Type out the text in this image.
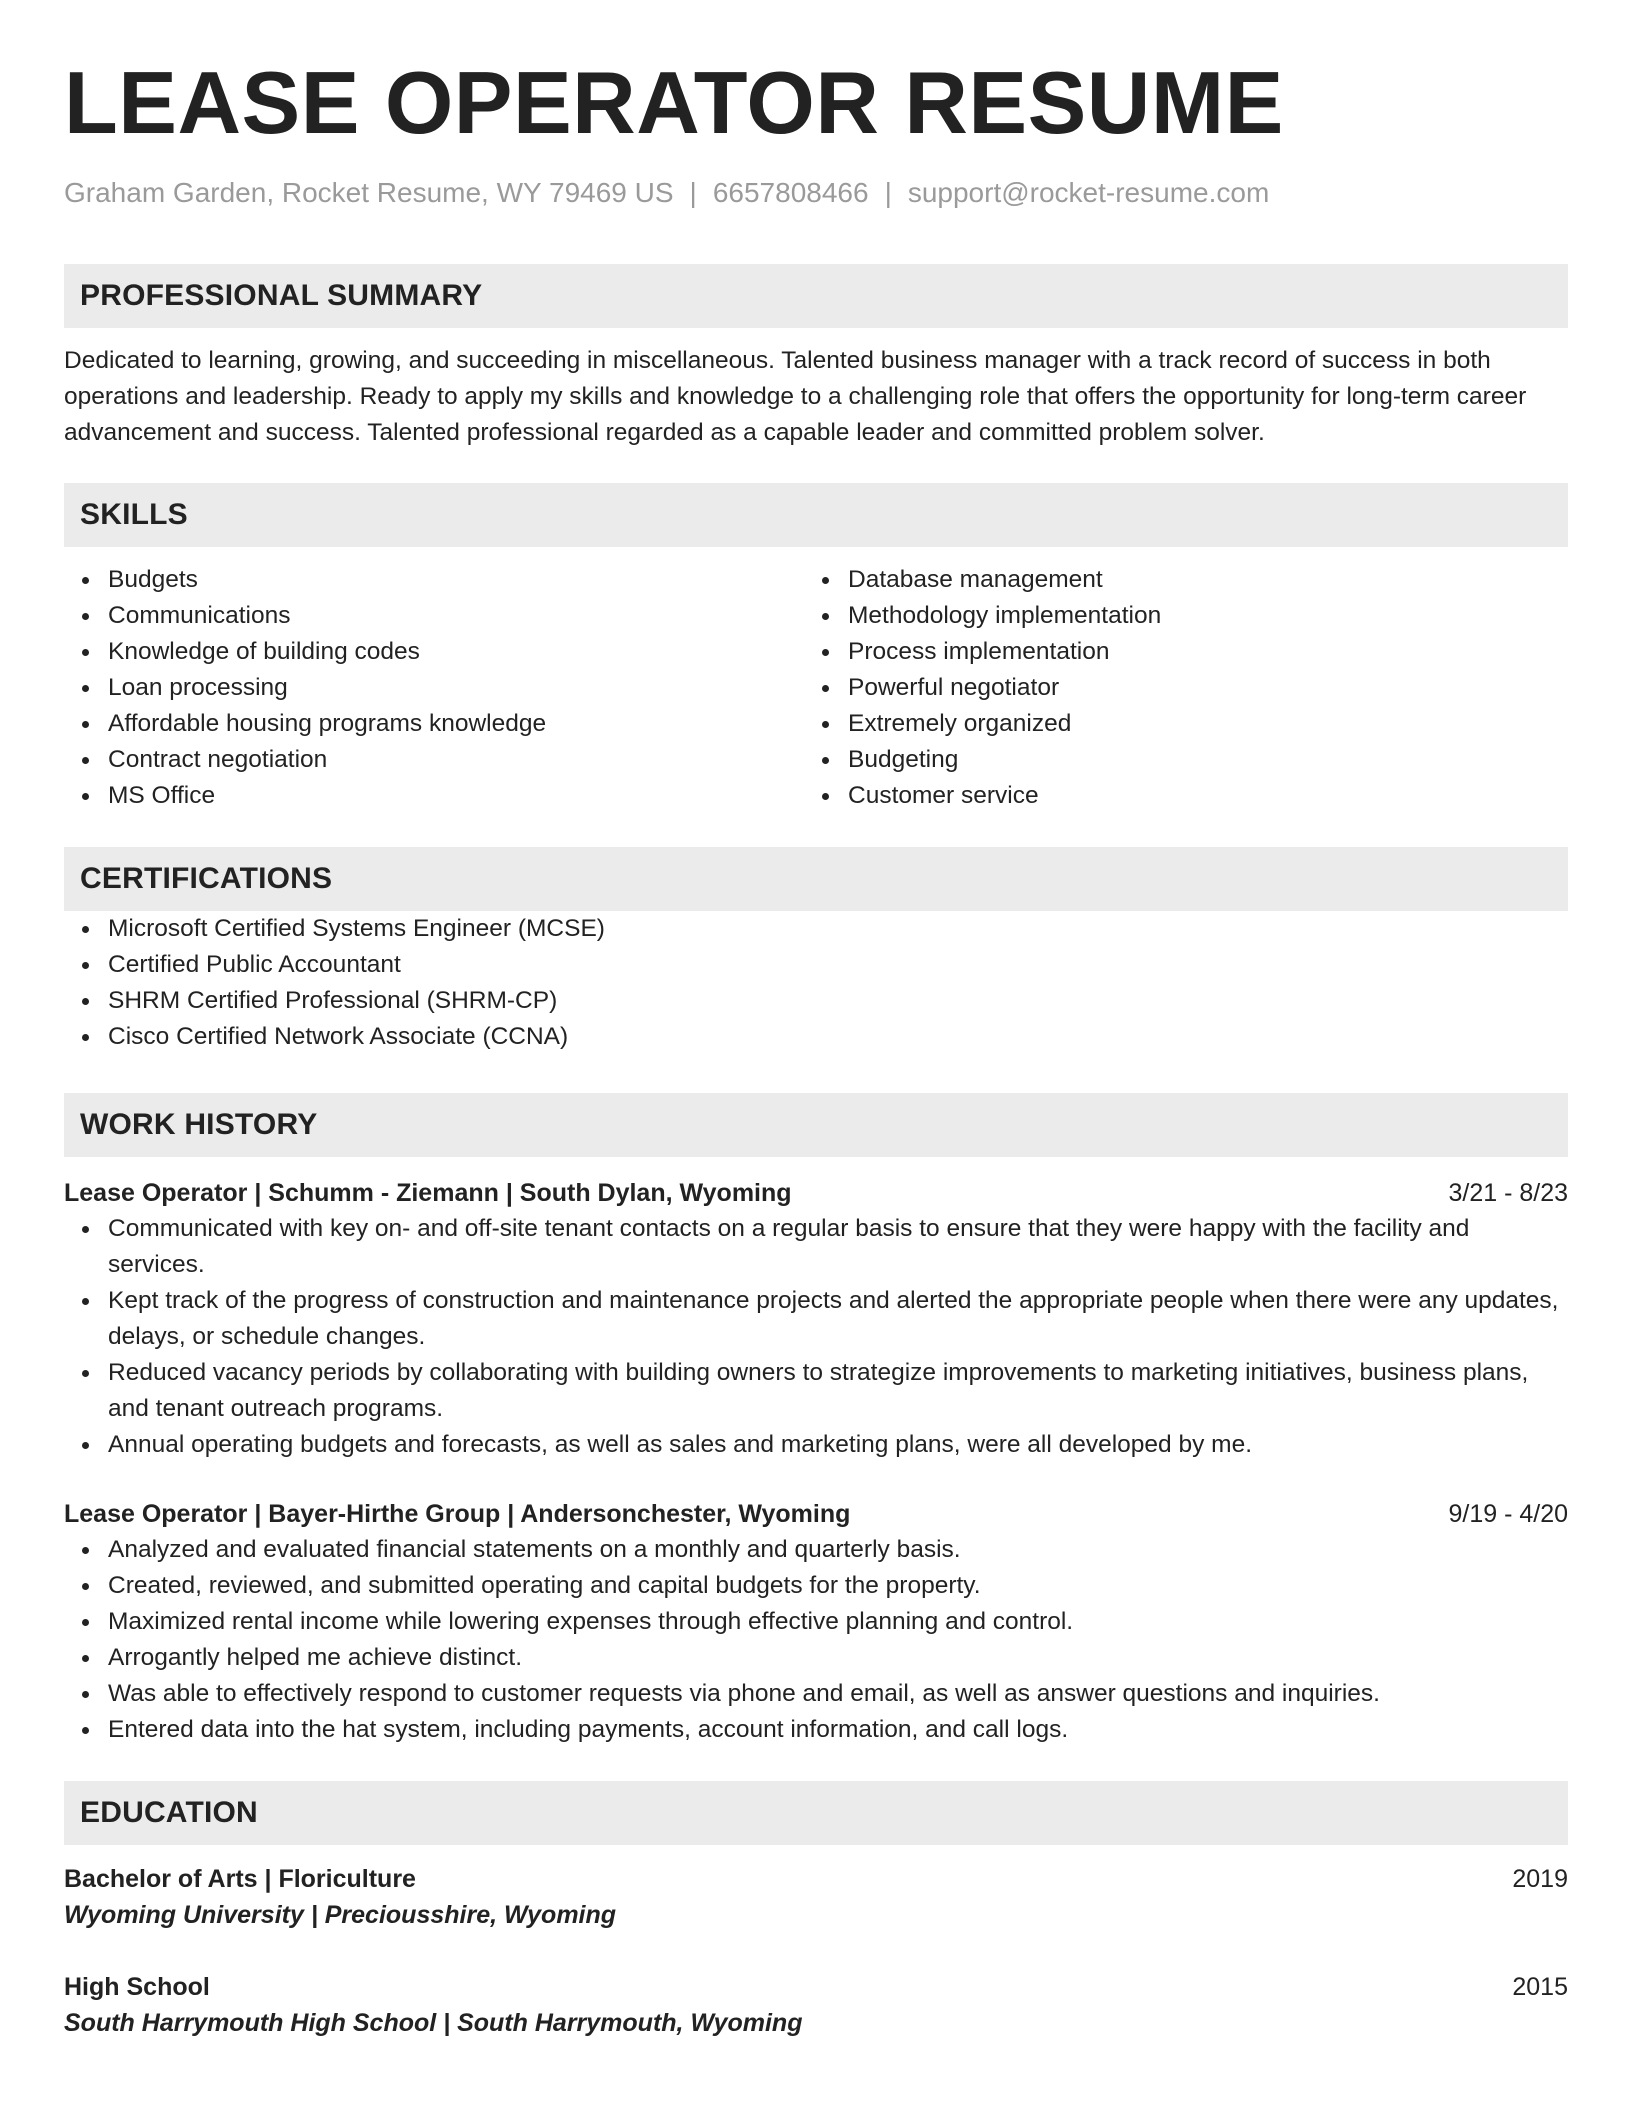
LEASE OPERATOR RESUME
Graham Garden, Rocket Resume, WY 79469 US | 6657808466 | support@rocket-resume.com
PROFESSIONAL SUMMARY

Dedicated to learning, growing, and succeeding in miscellaneous. Talented business manager with a track record of success in both operations and leadership. Ready to apply my skills and knowledge to a challenging role that offers the opportunity for long-term career advancement and success. Talented professional regarded as a capable leader and committed problem solver.

SKILLS
Budgets
Communications
Knowledge of building codes
Loan processing
Affordable housing programs knowledge
Contract negotiation
MS Office
Database management
Methodology implementation
Process implementation
Powerful negotiator
Extremely organized
Budgeting
Customer service
CERTIFICATIONS
Microsoft Certified Systems Engineer (MCSE)
Certified Public Accountant
SHRM Certified Professional (SHRM-CP)
Cisco Certified Network Associate (CCNA)
WORK HISTORY
Lease Operator | Schumm - Ziemann | South Dylan, Wyoming	3/21 - 8/23
Communicated with key on- and off-site tenant contacts on a regular basis to ensure that they were happy with the facility and services.
Kept track of the progress of construction and maintenance projects and alerted the appropriate people when there were any updates, delays, or schedule changes.
Reduced vacancy periods by collaborating with building owners to strategize improvements to marketing initiatives, business plans, and tenant outreach programs.
Annual operating budgets and forecasts, as well as sales and marketing plans, were all developed by me.
Lease Operator | Bayer-Hirthe Group | Andersonchester, Wyoming	9/19 - 4/20
Analyzed and evaluated financial statements on a monthly and quarterly basis.
Created, reviewed, and submitted operating and capital budgets for the property.
Maximized rental income while lowering expenses through effective planning and control.
Arrogantly helped me achieve distinct.
Was able to effectively respond to customer requests via phone and email, as well as answer questions and inquiries.
Entered data into the hat system, including payments, account information, and call logs.
EDUCATION
Bachelor of Arts | Floriculture	2019
Wyoming University | Preciousshire, Wyoming
High School	2015
South Harrymouth High School | South Harrymouth, Wyoming
